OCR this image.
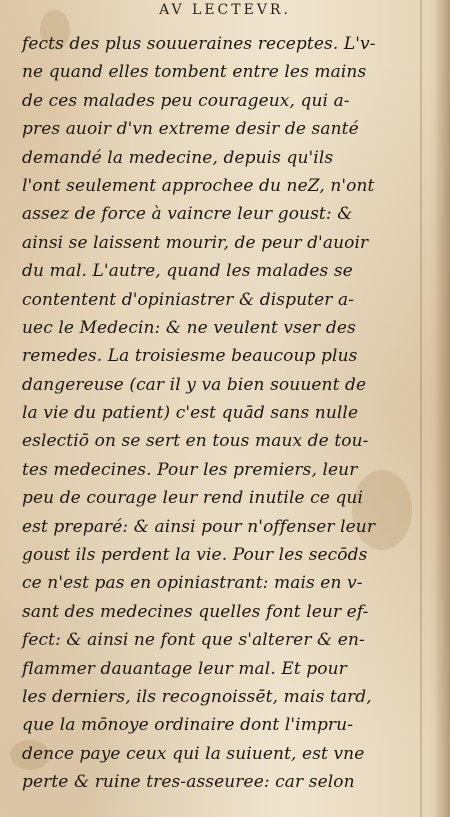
AV LECTEVR.
fects des plus souueraines receptes. L'v-
ne quand elles tombent entre les mains
de ces malades peu courageux, qui a-
pres auoir d'vn extreme desir de santé
demandé la medecine, depuis qu'ils
l'ont seulement approchee du neZ, n'ont
assez de force à vaincre leur goust: &
ainsi se laissent mourir, de peur d'auoir
du mal. L'autre, quand les malades se
contentent d'opiniastrer & disputer a-
uec le Medecin: & ne veulent vser des
remedes. La troisiesme beaucoup plus
dangereuse (car il y va bien souuent de
la vie du patient) c'est quād sans nulle
eslectiō on se sert en tous maux de tou-
tes medecines. Pour les premiers, leur
peu de courage leur rend inutile ce qui
est preparé: & ainsi pour n'offenser leur
goust ils perdent la vie. Pour les secōds
ce n'est pas en opiniastrant: mais en v-
sant des medecines quelles font leur ef-
fect: & ainsi ne font que s'alterer & en-
flammer dauantage leur mal. Et pour
les derniers, ils recognoissēt, mais tard,
que la mōnoye ordinaire dont l'impru-
dence paye ceux qui la suiuent, est vne
perte & ruine tres-asseuree: car selon
